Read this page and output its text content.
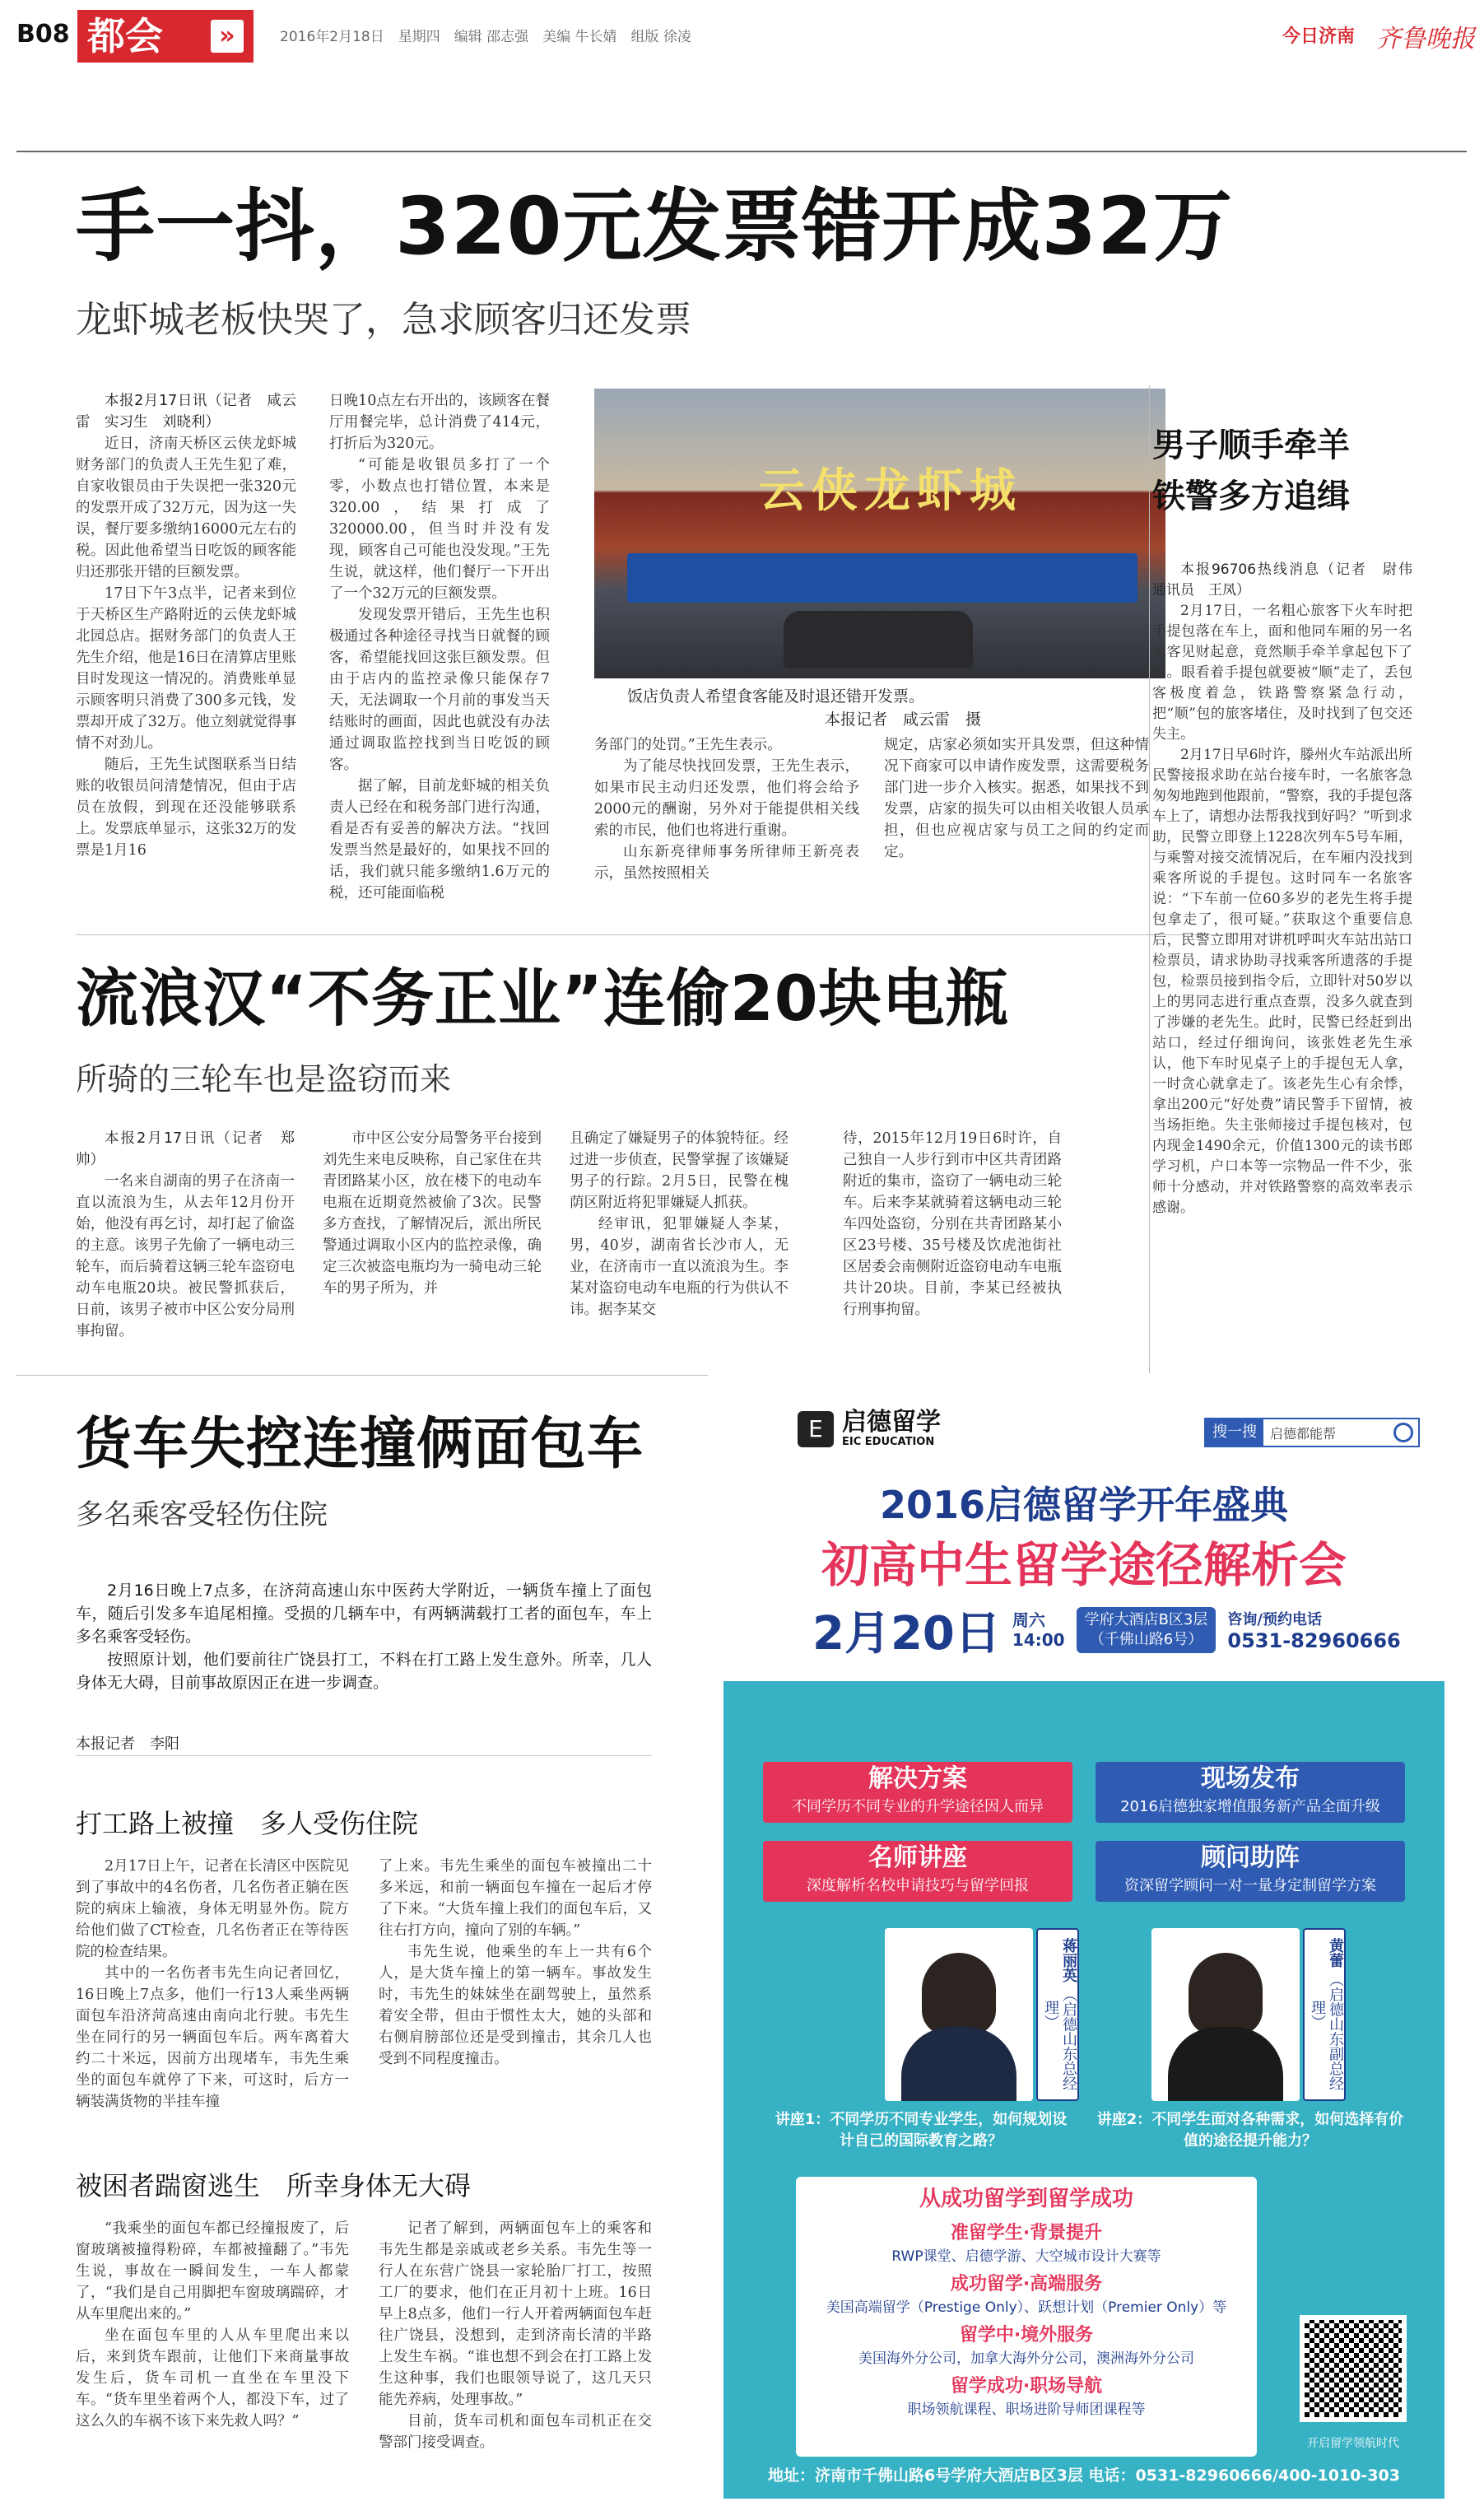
B08 都会	»	2016年2月18日　星期四　编辑 邵志强　美编 牛长婧　组版 徐凌	今日济南 齐鲁晚报
手一抖，320元发票错开成32万
龙虾城老板快哭了，急求顾客归还发票

本报2月17日讯（记者　咸云雷　实习生　刘晓利）

近日，济南天桥区云侠龙虾城财务部门的负责人王先生犯了难，自家收银员由于失误把一张320元的发票开成了32万元，因为这一失误，餐厅要多缴纳16000元左右的税。因此他希望当日吃饭的顾客能归还那张开错的巨额发票。

17日下午3点半，记者来到位于天桥区生产路附近的云侠龙虾城北园总店。据财务部门的负责人王先生介绍，他是16日在清算店里账目时发现这一情况的。消费账单显示顾客明只消费了300多元钱，发票却开成了32万。他立刻就觉得事情不对劲儿。

随后，王先生试图联系当日结账的收银员问清楚情况，但由于店员在放假，到现在还没能够联系上。发票底单显示，这张32万的发票是1月16

日晚10点左右开出的，该顾客在餐厅用餐完毕，总计消费了414元，打折后为320元。

“可能是收银员多打了一个零，小数点也打错位置，本来是320.00，结果打成了320000.00，但当时并没有发现，顾客自己可能也没发现。”王先生说，就这样，他们餐厅一下开出了一个32万元的巨额发票。

发现发票开错后，王先生也积极通过各种途径寻找当日就餐的顾客，希望能找回这张巨额发票。但由于店内的监控录像只能保存7天，无法调取一个月前的事发当天结账时的画面，因此也就没有办法通过调取监控找到当日吃饭的顾客。

据了解，目前龙虾城的相关负责人已经在和税务部门进行沟通，看是否有妥善的解决方法。“找回发票当然是最好的，如果找不回的话，我们就只能多缴纳1.6万元的税，还可能面临税

云侠龙虾城
饭店负责人希望食客能及时退还错开发票。
本报记者　咸云雷　摄

务部门的处罚。”王先生表示。

为了能尽快找回发票，王先生表示，如果市民主动归还发票，他们将会给予2000元的酬谢，另外对于能提供相关线索的市民，他们也将进行重谢。

山东新亮律师事务所律师王新亮表示，虽然按照相关

规定，店家必须如实开具发票，但这种情况下商家可以申请作废发票，这需要税务部门进一步介入核实。据悉，如果找不到发票，店家的损失可以由相关收银人员承担，但也应视店家与员工之间的约定而定。

男子顺手牵羊
铁警多方追缉

本报96706热线消息（记者　尉伟　通讯员　王凤）

2月17日，一名粗心旅客下火车时把手提包落在车上，面和他同车厢的另一名乘客见财起意，竟然顺手牵羊拿起包下了车。眼看着手提包就要被“顺”走了，丢包客极度着急，铁路警察紧急行动，把“顺”包的旅客堵住，及时找到了包交还失主。

2月17日早6时许，滕州火车站派出所民警接报求助在站台接车时，一名旅客急匆匆地跑到他跟前，“警察，我的手提包落车上了，请想办法帮我找到好吗？”听到求助，民警立即登上1228次列车5号车厢，与乘警对接交流情况后，在车厢内没找到乘客所说的手提包。这时同车一名旅客说：“下车前一位60多岁的老先生将手提包拿走了，很可疑。”获取这个重要信息后，民警立即用对讲机呼叫火车站出站口检票员，请求协助寻找乘客所遗落的手提包，检票员接到指令后，立即针对50岁以上的男同志进行重点查票，没多久就查到了涉嫌的老先生。此时，民警已经赶到出站口，经过仔细询问，该张姓老先生承认，他下车时见桌子上的手提包无人拿，一时贪心就拿走了。该老先生心有余悸，拿出200元“好处费”请民警手下留情，被当场拒绝。失主张师接过手提包核对，包内现金1490余元，价值1300元的读书郎学习机，户口本等一宗物品一件不少，张师十分感动，并对铁路警察的高效率表示感谢。

流浪汉“不务正业”连偷20块电瓶
所骑的三轮车也是盗窃而来

本报2月17日讯（记者　郑帅）

一名来自湖南的男子在济南一直以流浪为生，从去年12月份开始，他没有再乞讨，却打起了偷盗的主意。该男子先偷了一辆电动三轮车，而后骑着这辆三轮车盗窃电动车电瓶20块。被民警抓获后，日前，该男子被市中区公安分局刑事拘留。

市中区公安分局警务平台接到刘先生来电反映称，自己家住在共青团路某小区，放在楼下的电动车电瓶在近期竟然被偷了3次。民警多方查找，了解情况后，派出所民警通过调取小区内的监控录像，确定三次被盗电瓶均为一骑电动三轮车的男子所为，并

且确定了嫌疑男子的体貌特征。经过进一步侦查，民警掌握了该嫌疑男子的行踪。2月5日，民警在槐荫区附近将犯罪嫌疑人抓获。

经审讯，犯罪嫌疑人李某，男，40岁，湖南省长沙市人，无业，在济南市一直以流浪为生。李某对盗窃电动车电瓶的行为供认不讳。据李某交

待，2015年12月19日6时许，自己独自一人步行到市中区共青团路附近的集市，盗窃了一辆电动三轮车。后来李某就骑着这辆电动三轮车四处盗窃，分别在共青团路某小区23号楼、35号楼及饮虎池街社区居委会南侧附近盗窃电动车电瓶共计20块。目前，李某已经被执行刑事拘留。

货车失控连撞俩面包车
多名乘客受轻伤住院

2月16日晚上7点多，在济菏高速山东中医药大学附近，一辆货车撞上了面包车，随后引发多车追尾相撞。受损的几辆车中，有两辆满载打工者的面包车，车上多名乘客受轻伤。

按照原计划，他们要前往广饶县打工，不料在打工路上发生意外。所幸，几人身体无大碍，目前事故原因正在进一步调查。

本报记者　李阳
打工路上被撞　多人受伤住院

2月17日上午，记者在长清区中医院见到了事故中的4名伤者，几名伤者正躺在医院的病床上输液，身体无明显外伤。院方给他们做了CT检查，几名伤者正在等待医院的检查结果。

其中的一名伤者韦先生向记者回忆，16日晚上7点多，他们一行13人乘坐两辆面包车沿济菏高速由南向北行驶。韦先生坐在同行的另一辆面包车后。两车离着大约二十米远，因前方出现堵车，韦先生乘坐的面包车就停了下来，可这时，后方一辆装满货物的半挂车撞

了上来。韦先生乘坐的面包车被撞出二十多米远，和前一辆面包车撞在一起后才停了下来。“大货车撞上我们的面包车后，又往右打方向，撞向了别的车辆。”

韦先生说，他乘坐的车上一共有6个人，是大货车撞上的第一辆车。事故发生时，韦先生的妹妹坐在副驾驶上，虽然系着安全带，但由于惯性太大，她的头部和右侧肩膀部位还是受到撞击，其余几人也受到不同程度撞击。

被困者踹窗逃生　所幸身体无大碍

“我乘坐的面包车都已经撞报废了，后窗玻璃被撞得粉碎，车都被撞翻了。”韦先生说，事故在一瞬间发生，一车人都蒙了，“我们是自己用脚把车窗玻璃踹碎，才从车里爬出来的。”

坐在面包车里的人从车里爬出来以后，来到货车跟前，让他们下来商量事故发生后，货车司机一直坐在车里没下车。“货车里坐着两个人，都没下车，过了这么久的车祸不该下来先救人吗？”

记者了解到，两辆面包车上的乘客和韦先生都是亲戚或老乡关系。韦先生等一行人在东营广饶县一家轮胎厂打工，按照工厂的要求，他们在正月初十上班。16日早上8点多，他们一行人开着两辆面包车赶往广饶县，没想到，走到济南长清的半路上发生车祸。“谁也想不到会在打工路上发生这种事，我们也眼领导说了，这几天只能先养病，处理事故。”

目前，货车司机和面包车司机正在交警部门接受调查。

E 启德留学
EIC EDUCATION
搜一搜	启德都能帮
2016启德留学开年盛典
初高中生留学途径解析会
2月20日 周六
14:00
学府大酒店B区3层
（千佛山路6号）
咨询/预约电话
0531-82960666
解决方案
不同学历不同专业的升学途径因人而异
现场发布
2016启德独家增值服务新产品全面升级
名师讲座
深度解析名校申请技巧与留学回报
顾问助阵
资深留学顾问一对一量身定制留学方案
蒋丽英 （启德山东总经理）
黄蕾 （启德山东副总经理）
讲座1：不同学历不同专业学生，如何规划设计自己的国际教育之路？
讲座2：不同学生面对各种需求，如何选择有价值的途径提升能力？
从成功留学到留学成功
准留学生·背景提升
RWP课堂、启德学游、大空城市设计大赛等
成功留学·高端服务
美国高端留学（Prestige Only）、跃想计划（Premier Only）等
留学中·境外服务
美国海外分公司，加拿大海外分公司，澳洲海外分公司
留学成功·职场导航
职场领航课程、职场进阶导师团课程等
开启留学领航时代
地址：济南市千佛山路6号学府大酒店B区3层 电话：0531-82960666/400-1010-303
